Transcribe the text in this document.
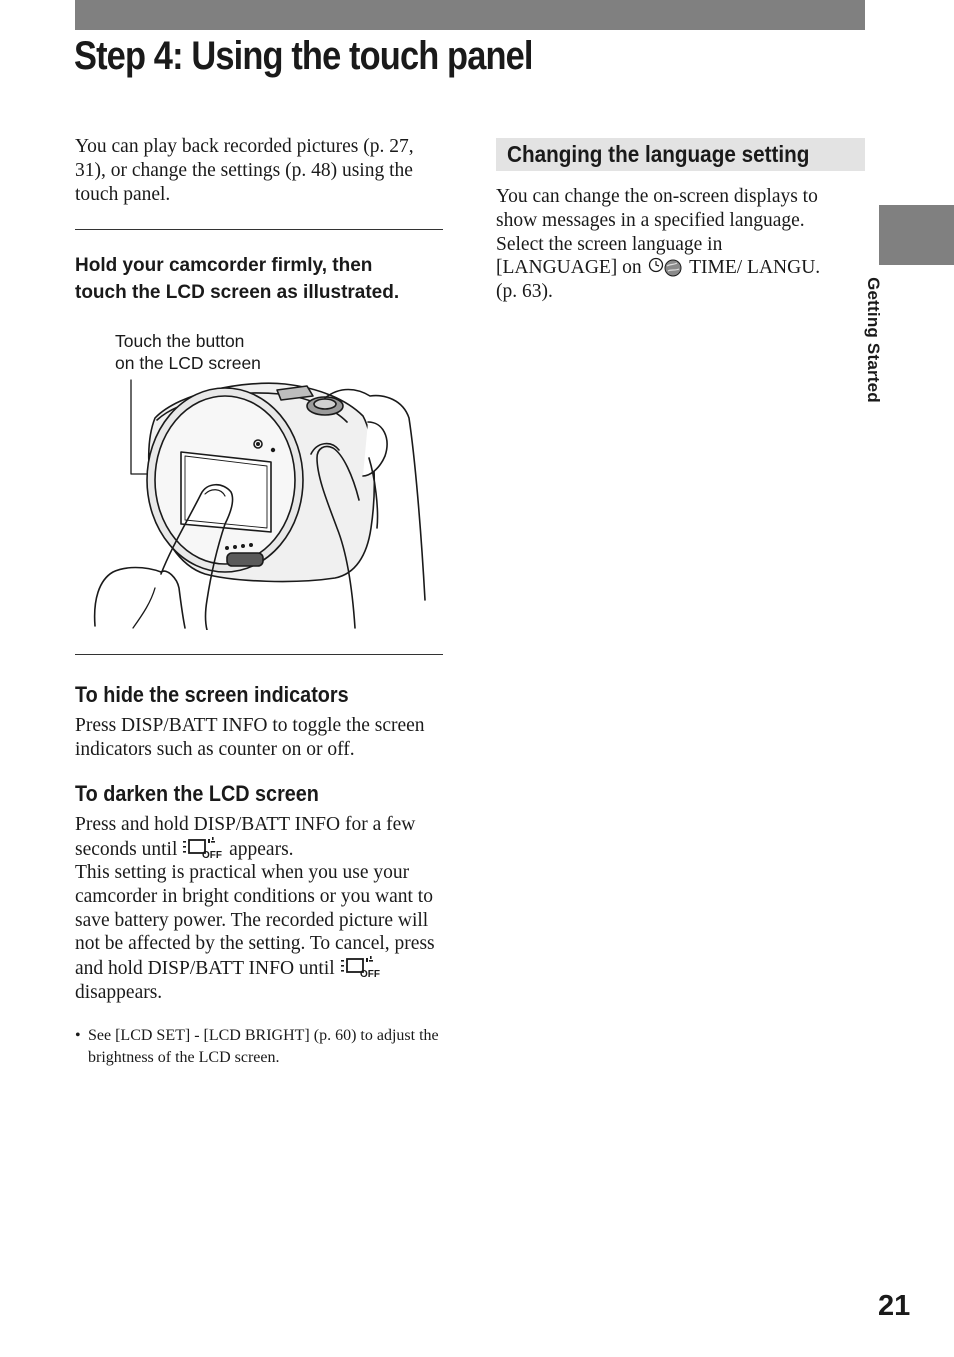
Step 4: Using the touch panel

You can play back recorded pictures (p. 27, 31), or change the settings (p. 48) using the touch panel.

Hold your camcorder firmly, then
touch the LCD screen as illustrated.
Touch the button
on the LCD screen
To hide the screen indicators

Press DISP/BATT INFO to toggle the screen indicators such as counter on or off.

To darken the LCD screen

Press and hold DISP/BATT INFO for a few seconds until OFF appears.

This setting is practical when you use your camcorder in bright conditions or you want to save battery power. The recorded picture will not be affected by the setting. To cancel, press and hold DISP/BATT INFO until OFF
disappears.

• See [LCD SET] - [LCD BRIGHT] (p. 60) to adjust the brightness of the LCD screen.
Changing the language setting

You can change the on-screen displays to show messages in a specified language. Select the screen language in [LANGUAGE] on TIME/ LANGU. (p. 63).	Getting Started
21
